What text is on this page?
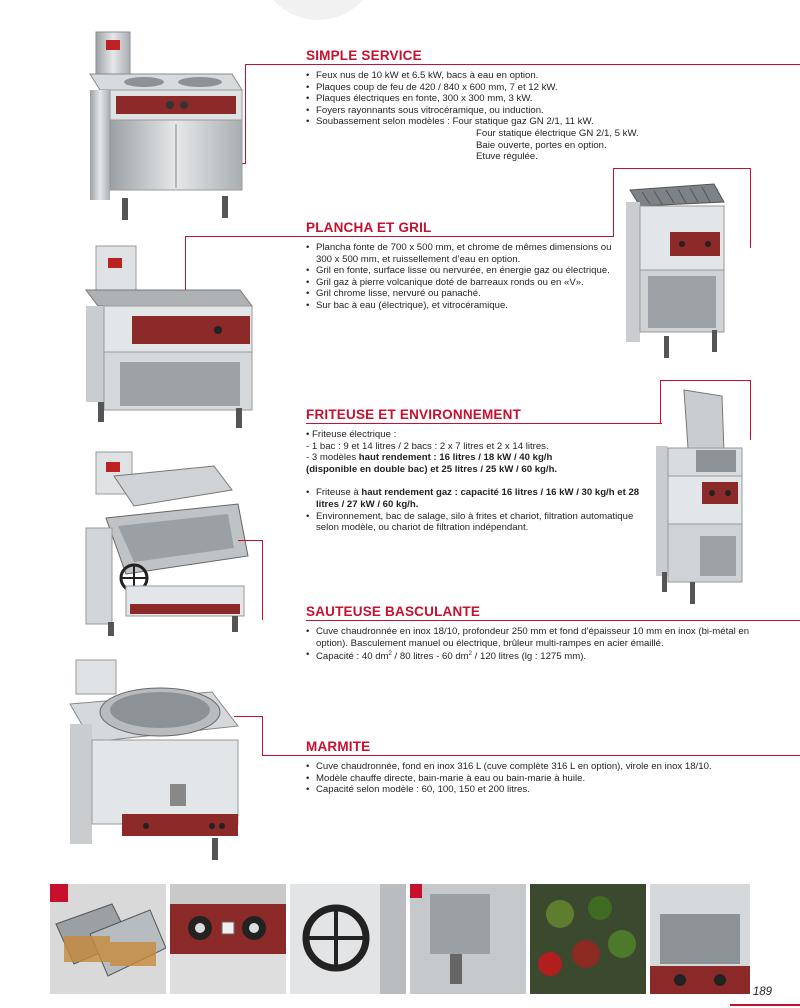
SIMPLE SERVICE
• Feux nus de 10 kW et 6.5 kW, bacs à eau en option.
• Plaques coup de feu de 420 / 840 x 600 mm, 7 et 12 kW.
• Plaques électriques en fonte, 300 x 300 mm, 3 kW.
• Foyers rayonnants sous vitrocéramique, ou induction.
• Soubassement selon modèles : Four statique gaz GN 2/1, 11 kW.
Four statique électrique GN 2/1, 5 kW.
Baie ouverte, portes en option.
Etuve régulée.
PLANCHA ET GRIL
• Plancha fonte de 700 x 500 mm, et chrome de mêmes dimensions ou 300 x 500 mm, et ruissellement d’eau en option.
• Gril en fonte, surface lisse ou nervurée, en énergie gaz ou électrique.
• Gril gaz à pierre volcanique doté de barreaux ronds ou en «V».
• Gril chrome lisse, nervuré ou panaché.
• Sur bac à eau (électrique), et vitrocéramique.
FRITEUSE ET ENVIRONNEMENT
• Friteuse électrique :
- 1 bac : 9 et 14 litres / 2 bacs : 2 x 7 litres et 2 x 14 litres.
- 3 modèles haut rendement : 16 litres / 18 kW / 40 kg/h
(disponible en double bac) et 25 litres / 25 kW / 60 kg/h.
• Friteuse à haut rendement gaz : capacité 16 litres / 16 kW / 30 kg/h et 28 litres / 27 kW / 60 kg/h.
• Environnement, bac de salage, silo à frites et chariot, filtration automatique selon modèle, ou chariot de filtration indépendant.
SAUTEUSE BASCULANTE
• Cuve chaudronnée en inox 18/10, profondeur 250 mm et fond d’épaisseur 10 mm en inox (bi-métal en option). Basculement manuel ou électrique, brûleur multi-rampes en acier émaillé.
• Capacité : 40 $dm^2 / 80$ litres - 60 $dm^2 / 120$ litres (lg : 1275 mm).
MARMITE
• Cuve chaudronnée, fond en inox 316 L (cuve complète 316 L en option), virole en inox 18/10.
• Modèle chauffe directe, bain-marie à eau ou bain-marie à huile.
• Capacité selon modèle : 60, 100, 150 et 200 litres.
189
